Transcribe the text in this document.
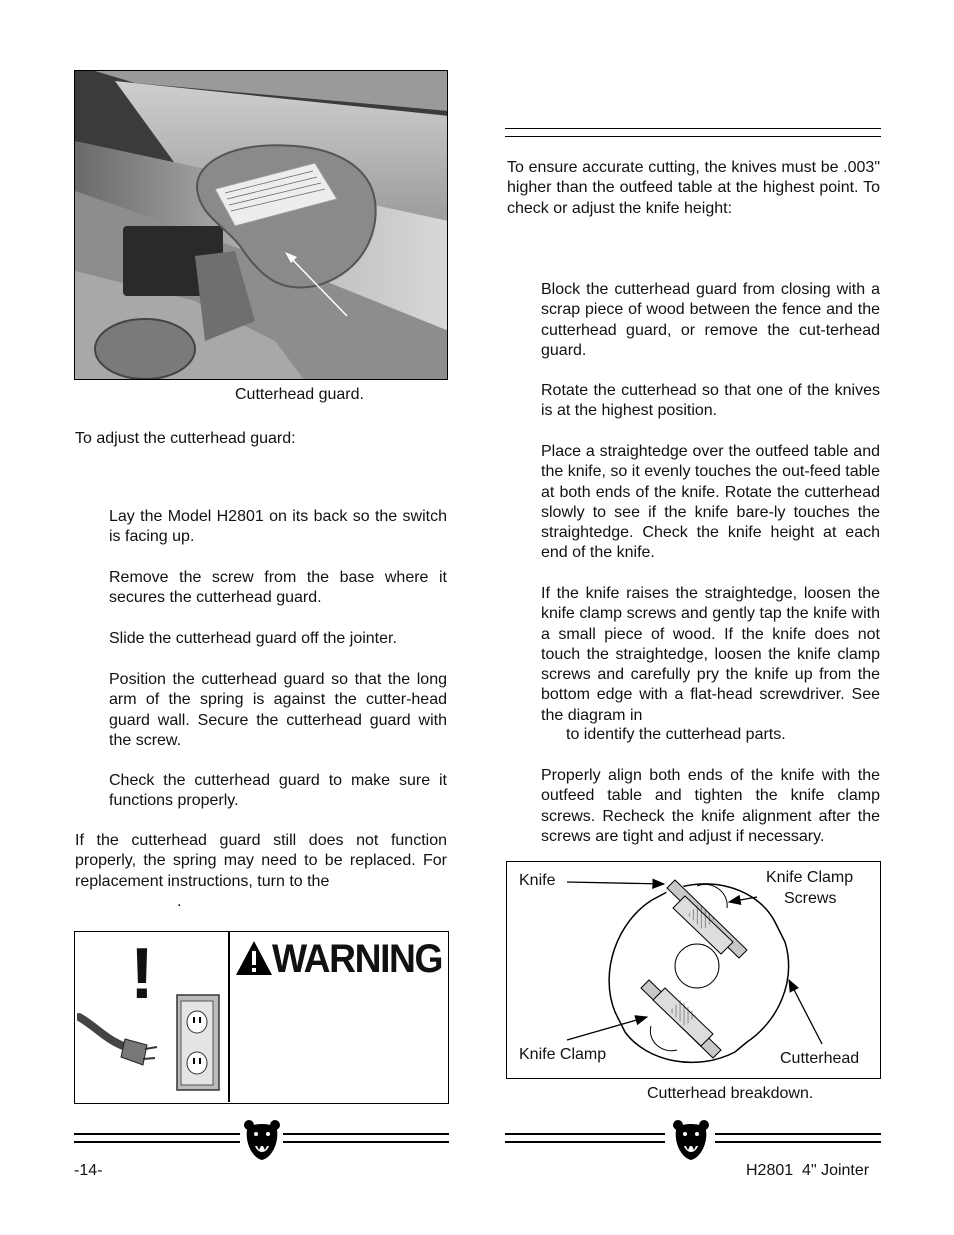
Cutterhead guard.
To adjust the cutterhead guard:
Lay the Model H2801 on its back so the switch is facing up.
Remove the screw from the base where it secures the cutterhead guard.
Slide the cutterhead guard off the jointer.
Position the cutterhead guard so that the long arm of the spring is against the cutter-head guard wall. Secure the cutterhead guard with the screw.
Check the cutterhead guard to make sure it functions properly.
If the cutterhead guard still does not function properly, the spring may need to be replaced. For replacement instructions, turn to the
.
!	WARNING
To ensure accurate cutting, the knives must be .003" higher than the outfeed table at the highest point. To check or adjust the knife height:
Block the cutterhead guard from closing with a scrap piece of wood between the fence and the cutterhead guard, or remove the cut-terhead guard.
Rotate the cutterhead so that one of the knives is at the highest position.
Place a straightedge over the outfeed table and the knife, so it evenly touches the out-feed table at both ends of the knife. Rotate the cutterhead slowly to see if the knife bare-ly touches the straightedge. Check the knife height at each end of the knife.
If the knife raises the straightedge, loosen the knife clamp screws and gently tap the knife with a small piece of wood. If the knife does not touch the straightedge, loosen the knife clamp screws and carefully pry the knife up from the bottom edge with a flat-head screwdriver. See the diagram in
to identify the cutterhead parts.
Properly align both ends of the knife with the outfeed table and tighten the knife clamp screws. Recheck the knife alignment after the screws are tight and adjust if necessary.
Knife	Knife Clamp
Screws
Knife Clamp	Cutterhead
Cutterhead breakdown.
-14-	H2801  4" Jointer
